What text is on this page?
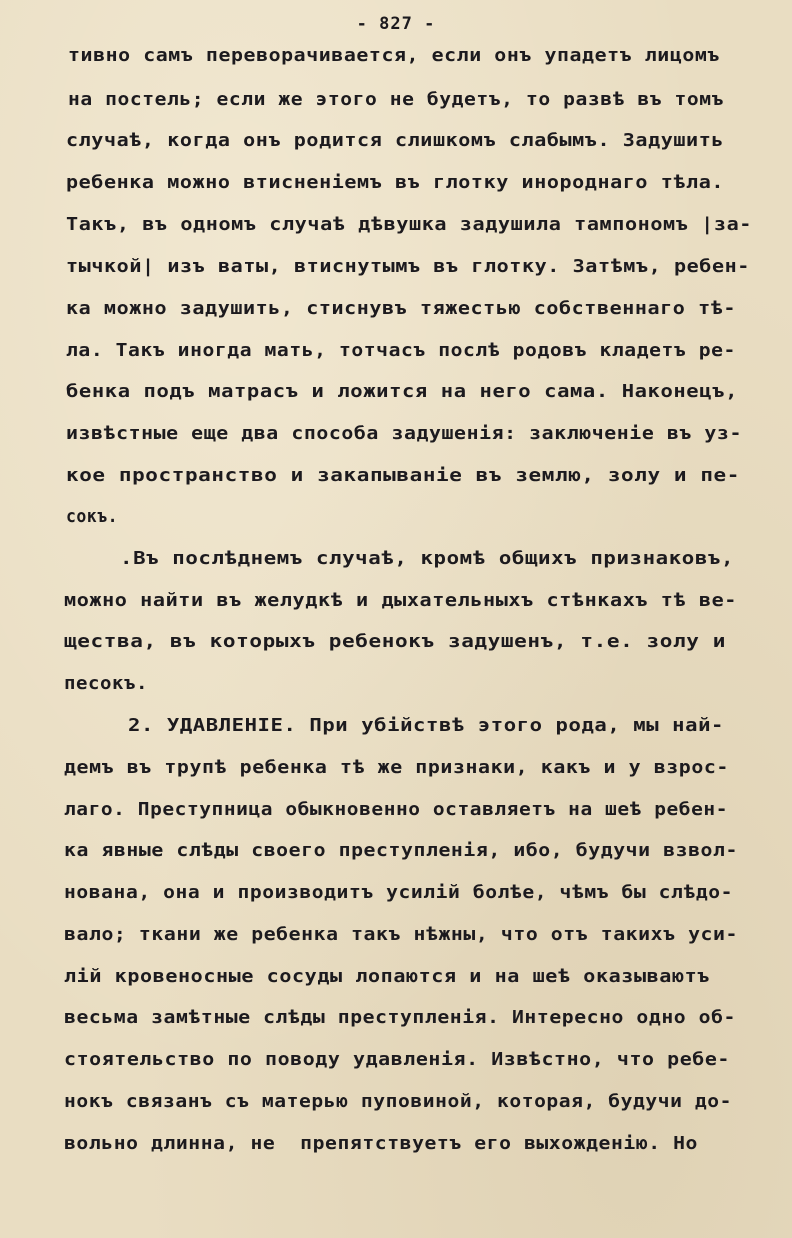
- 827 -
тивно самъ переворачивается, если онъ упадетъ лицомъ
на постель; если же этого не будетъ, то развѣ въ томъ
случаѣ, когда онъ родится слишкомъ слабымъ. Задушить
ребенка можно втиснeнiемъ въ глотку инороднаго тѣла.
Такъ, въ одномъ случаѣ дѣвушка задушила тампономъ |за-
тычкой| изъ ваты, втиснутымъ въ глотку. Затѣмъ, ребен-
ка можно задушить, стиснувъ тяжестью собственнаго тѣ-
ла. Такъ иногда мать, тотчасъ послѣ родовъ кладетъ ре-
бенка подъ матрасъ и ложится на него сама. Наконецъ,
извѣстные еще два способа задушенiя: заключенiе въ уз-
кое пространство и закапыванiе въ землю, золу и пе-
сокъ.
.Въ послѣднемъ случаѣ, кромѣ общихъ признаковъ,
можно найти въ желудкѣ и дыхательныхъ стѣнкахъ тѣ ве-
щества, въ которыхъ ребенокъ задушенъ, т.е. золу и
песокъ.
2. УДАВЛЕНIЕ. При убiйствѣ этого рода, мы най-
демъ въ трупѣ ребенка тѣ же признаки, какъ и у взрос-
лаго. Преступница обыкновенно оставляетъ на шеѣ ребен-
ка явные слѣды своего преступленiя, ибо, будучи взвол-
нована, она и производитъ усилiй болѣе, чѣмъ бы слѣдо-
вало; ткани же ребенка такъ нѣжны, что отъ такихъ уси-
лiй кровеносные сосуды лопаются и на шеѣ оказываютъ
весьма замѣтные слѣды преступленiя. Интересно одно об-
стоятельство по поводу удавленiя. Извѣстно, что ребе-
нокъ связанъ съ матерью пуповиной, которая, будучи до-
вольно длинна, не  препятствуетъ его выхожденiю. Но
